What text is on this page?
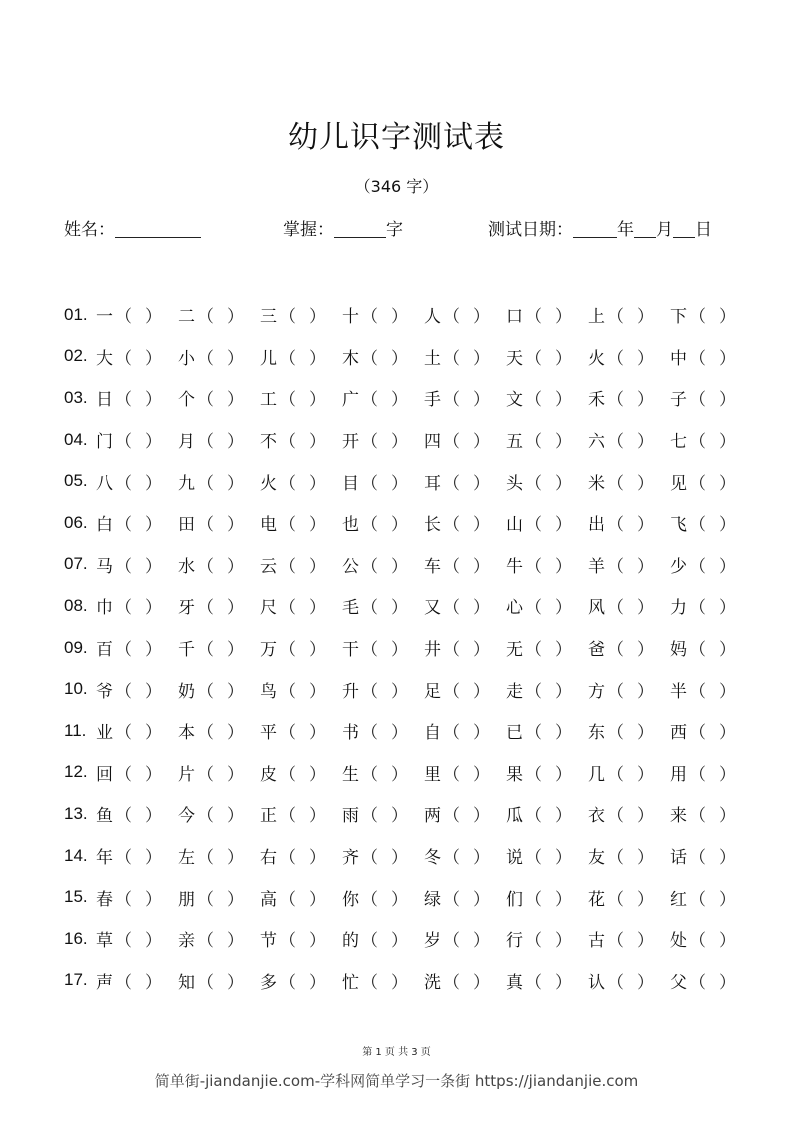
幼儿识字测试表
（346 字）
姓名：	掌握：	字	测试日期：	年 月 日
01. 一 （ ） 二 （ ） 三 （ ） 十 （ ） 人 （ ） 口 （ ） 上 （ ） 下 （ ）
02. 大 （ ） 小 （ ） 儿 （ ） 木 （ ） 土 （ ） 天 （ ） 火 （ ） 中 （ ）
03. 日 （ ） 个 （ ） 工 （ ） 广 （ ） 手 （ ） 文 （ ） 禾 （ ） 子 （ ）
04. 门 （ ） 月 （ ） 不 （ ） 开 （ ） 四 （ ） 五 （ ） 六 （ ） 七 （ ）
05. 八 （ ） 九 （ ） 火 （ ） 目 （ ） 耳 （ ） 头 （ ） 米 （ ） 见 （ ）
06. 白 （ ） 田 （ ） 电 （ ） 也 （ ） 长 （ ） 山 （ ） 出 （ ） 飞 （ ）
07. 马 （ ） 水 （ ） 云 （ ） 公 （ ） 车 （ ） 牛 （ ） 羊 （ ） 少 （ ）
08. 巾 （ ） 牙 （ ） 尺 （ ） 毛 （ ） 又 （ ） 心 （ ） 风 （ ） 力 （ ）
09. 百 （ ） 千 （ ） 万 （ ） 干 （ ） 井 （ ） 无 （ ） 爸 （ ） 妈 （ ）
10. 爷 （ ） 奶 （ ） 鸟 （ ） 升 （ ） 足 （ ） 走 （ ） 方 （ ） 半 （ ）
11. 业 （ ） 本 （ ） 平 （ ） 书 （ ） 自 （ ） 已 （ ） 东 （ ） 西 （ ）
12. 回 （ ） 片 （ ） 皮 （ ） 生 （ ） 里 （ ） 果 （ ） 几 （ ） 用 （ ）
13. 鱼 （ ） 今 （ ） 正 （ ） 雨 （ ） 两 （ ） 瓜 （ ） 衣 （ ） 来 （ ）
14. 年 （ ） 左 （ ） 右 （ ） 齐 （ ） 冬 （ ） 说 （ ） 友 （ ） 话 （ ）
15. 春 （ ） 朋 （ ） 高 （ ） 你 （ ） 绿 （ ） 们 （ ） 花 （ ） 红 （ ）
16. 草 （ ） 亲 （ ） 节 （ ） 的 （ ） 岁 （ ） 行 （ ） 古 （ ） 处 （ ）
17. 声 （ ） 知 （ ） 多 （ ） 忙 （ ） 洗 （ ） 真 （ ） 认 （ ） 父 （ ）
第 1 页 共 3 页
简单街-jiandanjie.com-学科网简单学习一条街 https://jiandanjie.com
